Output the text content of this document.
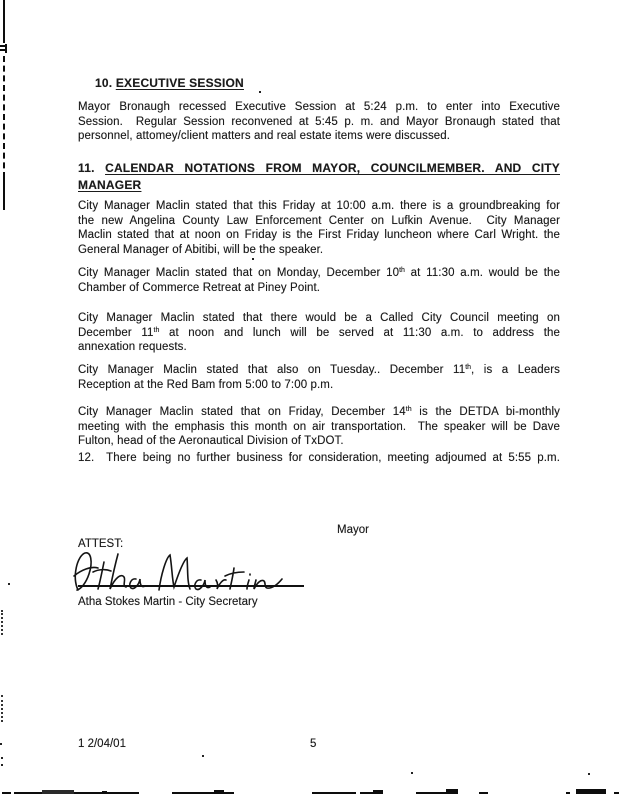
10. EXECUTIVE SESSION
Mayor Bronaugh recessed Executive Session at 5:24 p.m. to enter into Executive
Session.  Regular Session reconvened at 5:45 p. m. and Mayor Bronaugh stated that
personnel, attomey/client matters and real estate items were discussed.
11. CALENDAR NOTATIONS FROM MAYOR, COUNCILMEMBER. AND CITY
MANAGER
City Manager Maclin stated that this Friday at 10:00 a.m. there is a groundbreaking for
the new Angelina County Law Enforcement Center on Lufkin Avenue.  City Manager
Maclin stated that at noon on Friday is the First Friday luncheon where Carl Wright. the
General Manager of Abitibi, will be the speaker.
City Manager Maclin stated that on Monday, December 10th at 11:30 a.m. would be the
Chamber of Commerce Retreat at Piney Point.
City Manager Maclin stated that there would be a Called City Council meeting on
December 11th at noon and lunch will be served at 11:30 a.m. to address the
annexation requests.
City Manager Maclin stated that also on Tuesday.. December 11th, is a Leaders
Reception at the Red Bam from 5:00 to 7:00 p.m.
City Manager Maclin stated that on Friday, December 14th is the DETDA bi-monthly
meeting with the emphasis this month on air transportation.  The speaker will be Dave
Fulton, head of the Aeronautical Division of TxDOT.
12.  There being no further business for consideration, meeting adjoumed at 5:55 p.m.
Mayor
ATTEST:
Atha Stokes Martin - City Secretary
1 2/04/01	5
